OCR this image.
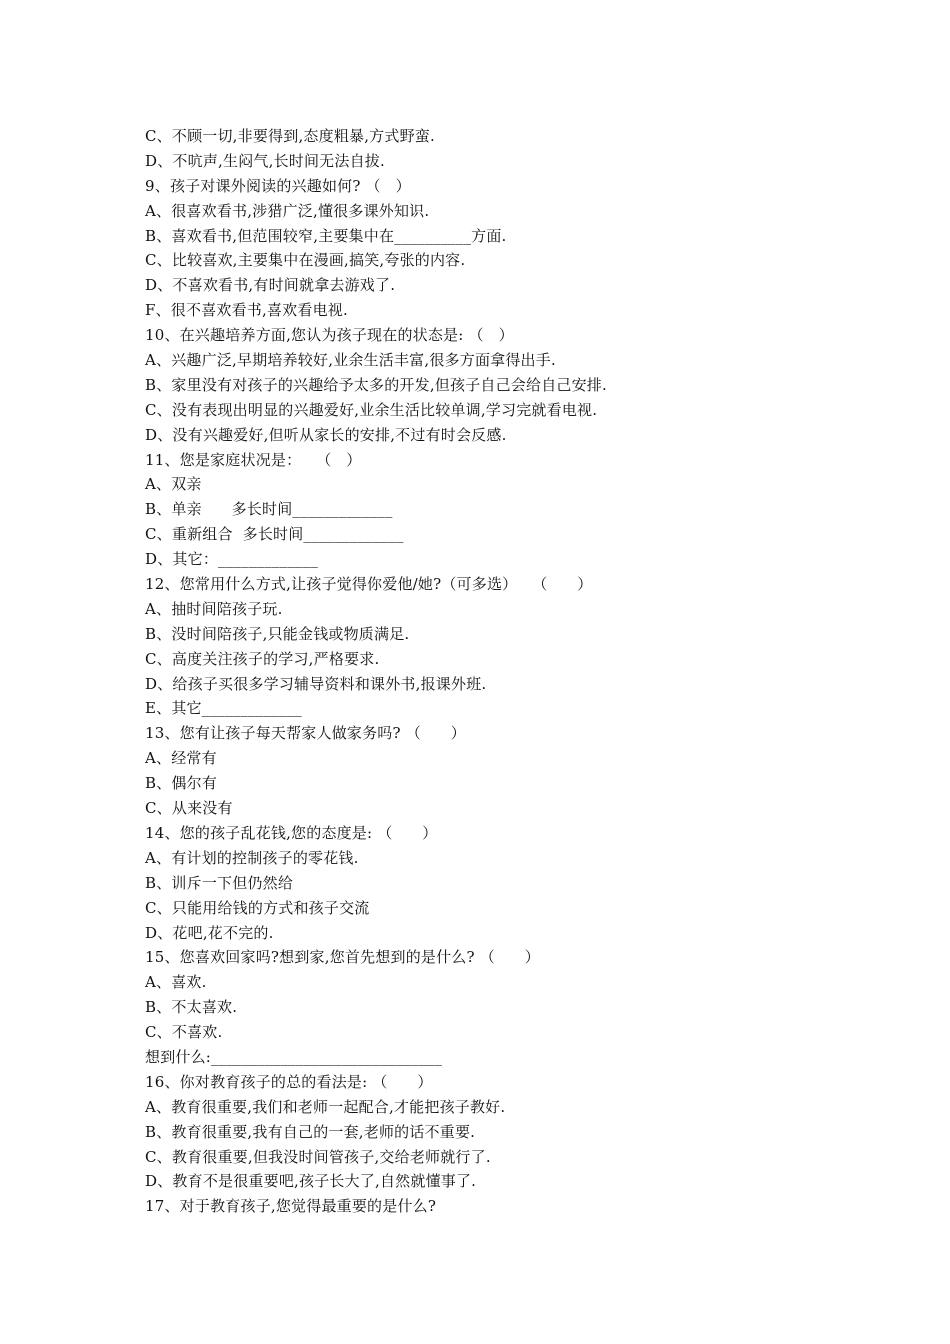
C、不顾一切,非要得到,态度粗暴,方式野蛮.
D、不吭声,生闷气,长时间无法自拔.
9、孩子对课外阅读的兴趣如何? （   ）
A、很喜欢看书,涉猎广泛,懂很多课外知识.
B、喜欢看书,但范围较窄,主要集中在__________方面.
C、比较喜欢,主要集中在漫画,搞笑,夸张的内容.
D、不喜欢看书,有时间就拿去游戏了.
F、很不喜欢看书,喜欢看电视.
10、在兴趣培养方面,您认为孩子现在的状态是: （   ）
A、兴趣广泛,早期培养较好,业余生活丰富,很多方面拿得出手.
B、家里没有对孩子的兴趣给予太多的开发,但孩子自己会给自己安排.
C、没有表现出明显的兴趣爱好,业余生活比较单调,学习完就看电视.
D、没有兴趣爱好,但听从家长的安排,不过有时会反感.
11、您是家庭状况是：   （   ）
A、双亲
B、单亲      多长时间_____________
C、重新组合  多长时间_____________
D、其它：_____________
12、您常用什么方式,让孩子觉得你爱他/她?（可多选）   （      ）
A、抽时间陪孩子玩.
B、没时间陪孩子,只能金钱或物质满足.
C、高度关注孩子的学习,严格要求.
D、给孩子买很多学习辅导资料和课外书,报课外班.
E、其它_____________
13、您有让孩子每天帮家人做家务吗? （      ）
A、经常有
B、偶尔有
C、从来没有
14、您的孩子乱花钱,您的态度是: （      ）
A、有计划的控制孩子的零花钱.
B、训斥一下但仍然给
C、只能用给钱的方式和孩子交流
D、花吧,花不完的.
15、您喜欢回家吗?想到家,您首先想到的是什么? （      ）
A、喜欢.
B、不太喜欢.
C、不喜欢.
想到什么:______________________________
16、你对教育孩子的总的看法是: （      ）
A、教育很重要,我们和老师一起配合,才能把孩子教好.
B、教育很重要,我有自己的一套,老师的话不重要.
C、教育很重要,但我没时间管孩子,交给老师就行了.
D、教育不是很重要吧,孩子长大了,自然就懂事了.
17、对于教育孩子,您觉得最重要的是什么?
